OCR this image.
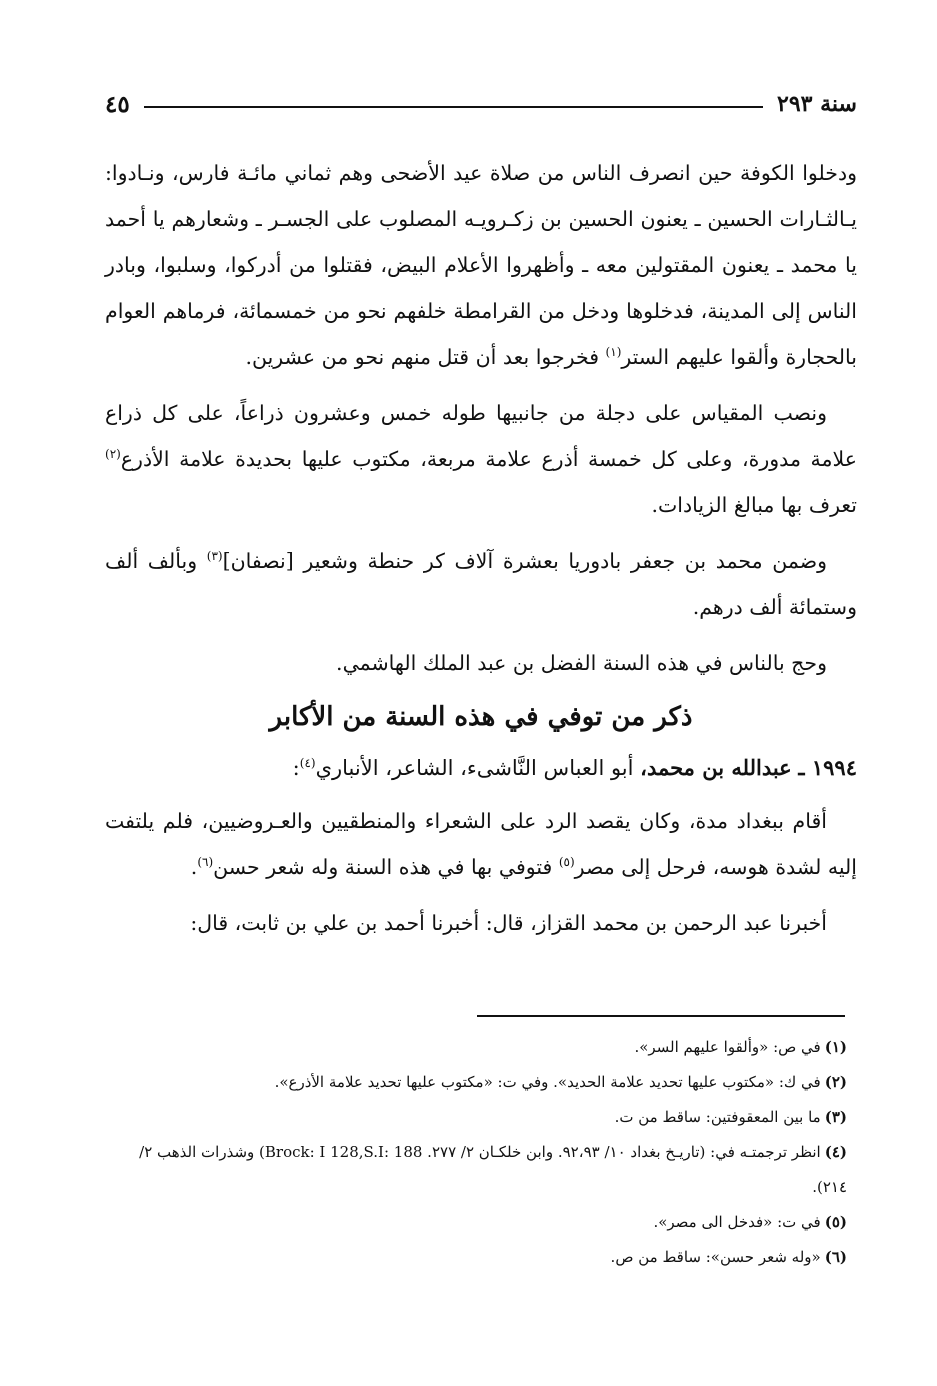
سنة ٢٩٣
٤٥

ودخلوا الكوفة حين انصرف الناس من صلاة عيد الأضحى وهم ثماني مائـة فارس، ونـادوا: يـالثـارات الحسين ـ يعنون الحسين بن زكـرويـه المصلوب على الجسـر ـ وشعارهم يا أحمد يا محمد ـ يعنون المقتولين معه ـ وأظهروا الأعلام البيض، فقتلوا من أدركوا، وسلبوا، وبادر الناس إلى المدينة، فدخلوها ودخل من القرامطة خلفهم نحو من خمسمائة، فرماهم العوام بالحجارة وألقوا عليهم الستر$^{(١)}$ فخرجوا بعد أن قتل منهم نحو من عشرين.

ونصب المقياس على دجلة من جانبيها طوله خمس وعشرون ذراعاً، على كل ذراع علامة مدورة، وعلى كل خمسة أذرع علامة مربعة، مكتوب عليها بحديدة علامة الأذرع$^{(٢)}$ تعرف بها مبالغ الزيادات.

وضمن محمد بن جعفر بادوريا بعشرة آلاف كر حنطة وشعير [نصفان]$^{(٣)}$ وبألف ألف وستمائة ألف درهم.

وحج بالناس في هذه السنة الفضل بن عبد الملك الهاشمي.

ذكر من توفي في هذه السنة من الأكابر

١٩٩٤ ـ عبدالله بن محمد، أبو العباس النَّاشىء، الشاعر، الأنباري$^{(٤)}$:

أقام ببغداد مدة، وكان يقصد الرد على الشعراء والمنطقيين والعـروضيين، فلم يلتفت إليه لشدة هوسه، فرحل إلى مصر$^{(٥)}$ فتوفي بها في هذه السنة وله شعر حسن$^{(٦)}$.

أخبرنا عبد الرحمن بن محمد القزاز، قال: أخبرنا أحمد بن علي بن ثابت، قال:

(١)في ص: «وألقوا عليهم السر».

(٢)في ك: «مكتوب عليها تحديد علامة الحديد». وفي ت: «مكتوب عليها تحديد علامة الأذرع».

(٣)ما بين المعقوفتين: ساقط من ت.

(٤)انظر ترجمتـه في: (تاريـخ بغداد ١٠/ ٩٢،٩٣. وابن خلكـان ٢/ ٢٧٧. Brock: I 128,S.I: 188) وشذرات الذهب ٢/ ٢١٤).

(٥)في ت: «فدخل الى مصر».

(٦)«وله شعر حسن»: ساقط من ص.
